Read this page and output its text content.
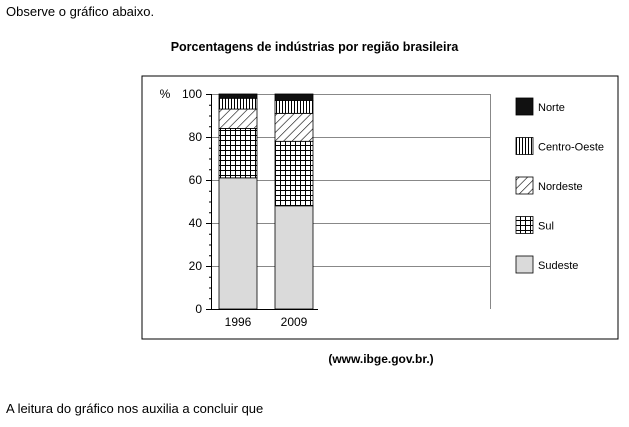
Observe o gráfico abaixo.
Porcentagens de indústrias por região brasileira
1996 2009
0
20
40
60
80
100
%
Norte
Centro-Oeste
Nordeste
Sul
Sudeste
(www.ibge.gov.br.)
A leitura do gráfico nos auxilia a concluir que
